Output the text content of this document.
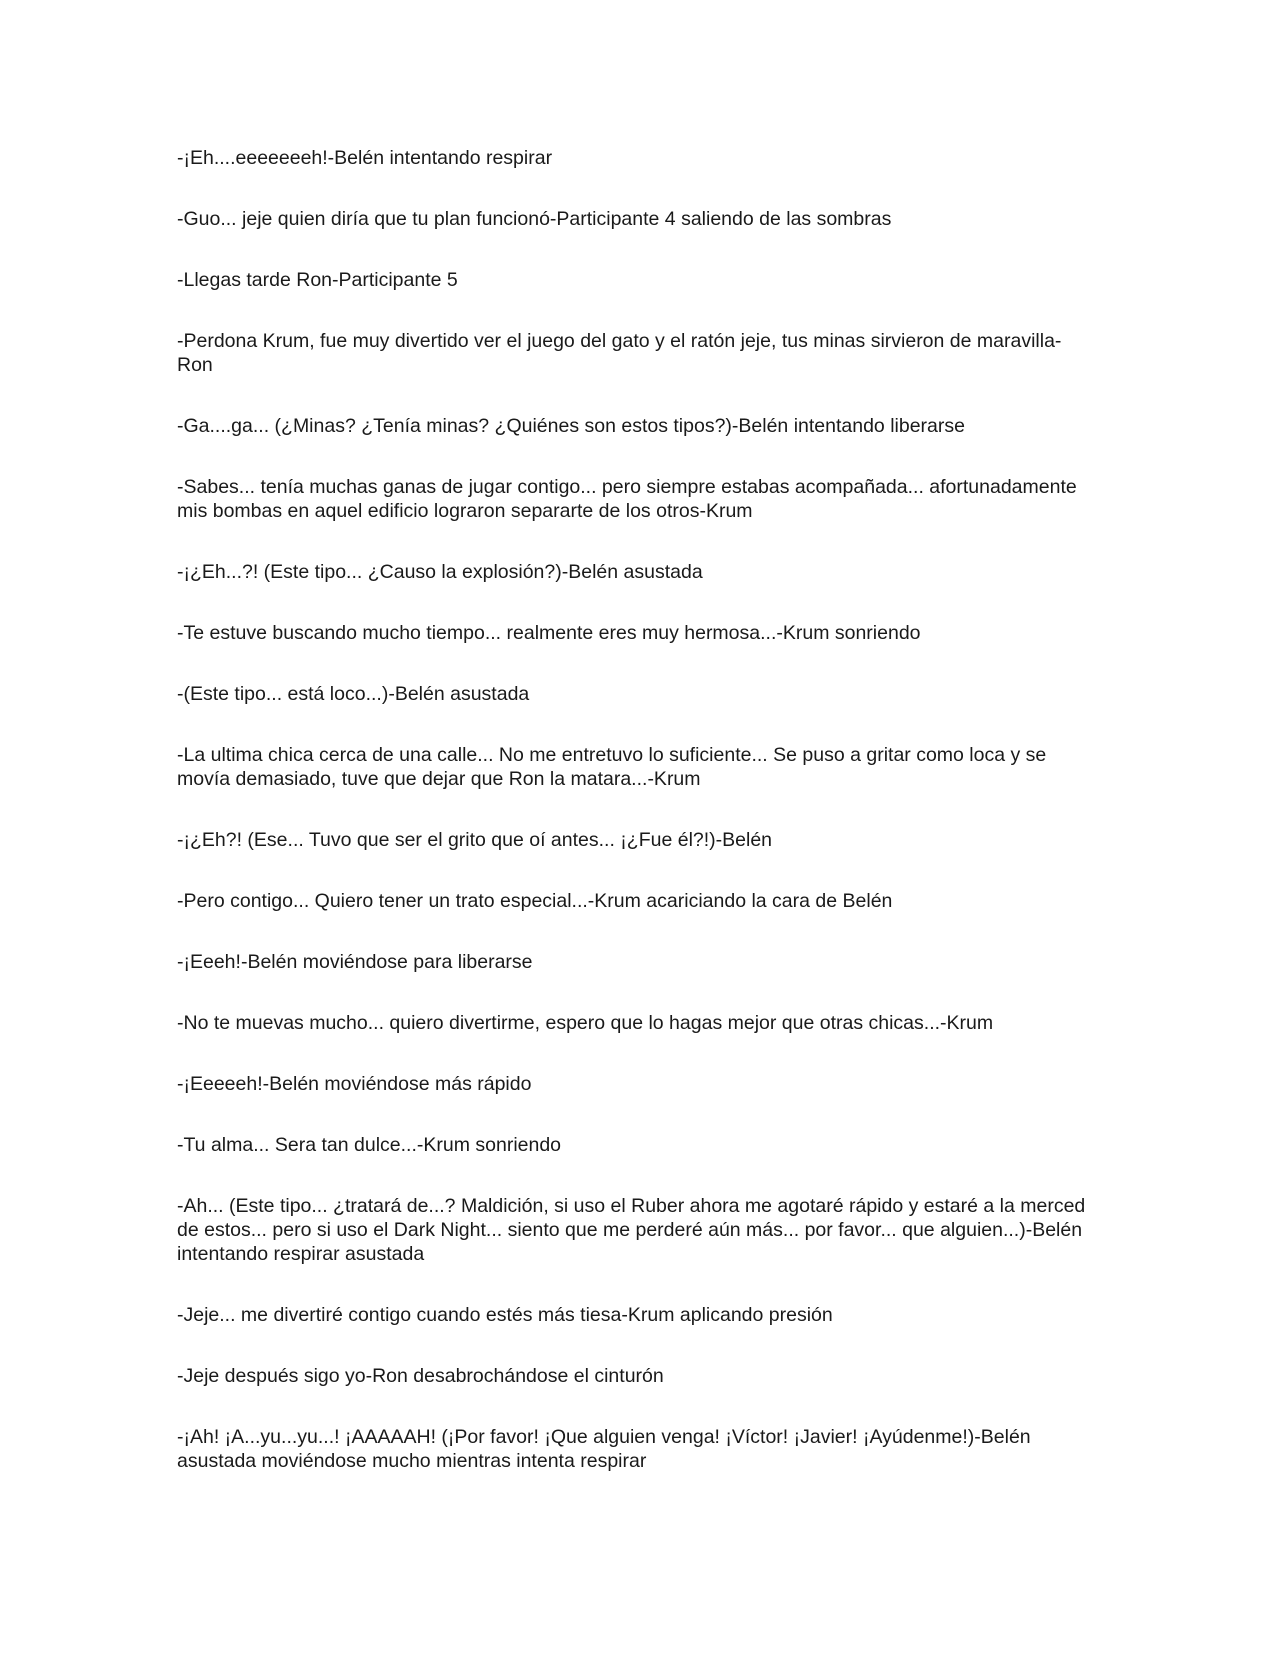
-¡Eh....eeeeeeeh!-Belén intentando respirar

-Guo... jeje quien diría que tu plan funcionó-Participante 4 saliendo de las sombras

-Llegas tarde Ron-Participante 5

-Perdona Krum, fue muy divertido ver el juego del gato y el ratón jeje, tus minas sirvieron de maravilla-Ron

-Ga....ga... (¿Minas? ¿Tenía minas? ¿Quiénes son estos tipos?)-Belén intentando liberarse

-Sabes... tenía muchas ganas de jugar contigo... pero siempre estabas acompañada... afortunadamente mis bombas en aquel edificio lograron separarte de los otros-Krum

-¡¿Eh...?! (Este tipo... ¿Causo la explosión?)-Belén asustada

-Te estuve buscando mucho tiempo... realmente eres muy hermosa...-Krum sonriendo

-(Este tipo... está loco...)-Belén asustada

-La ultima chica cerca de una calle... No me entretuvo lo suficiente... Se puso a gritar como loca y se movía demasiado, tuve que dejar que Ron la matara...-Krum

-¡¿Eh?! (Ese... Tuvo que ser el grito que oí antes... ¡¿Fue él?!)-Belén

-Pero contigo... Quiero tener un trato especial...-Krum acariciando la cara de Belén

-¡Eeeh!-Belén moviéndose para liberarse

-No te muevas mucho... quiero divertirme, espero que lo hagas mejor que otras chicas...-Krum

-¡Eeeeeh!-Belén moviéndose más rápido

-Tu alma... Sera tan dulce...-Krum sonriendo

-Ah... (Este tipo... ¿tratará de...? Maldición, si uso el Ruber ahora me agotaré rápido y estaré a la merced de estos... pero si uso el Dark Night... siento que me perderé aún más... por favor... que alguien...)-Belén intentando respirar asustada

-Jeje... me divertiré contigo cuando estés más tiesa-Krum aplicando presión

-Jeje después sigo yo-Ron desabrochándose el cinturón

-¡Ah! ¡A...yu...yu...! ¡AAAAAH! (¡Por favor! ¡Que alguien venga! ¡Víctor! ¡Javier! ¡Ayúdenme!)-Belén asustada moviéndose mucho mientras intenta respirar
